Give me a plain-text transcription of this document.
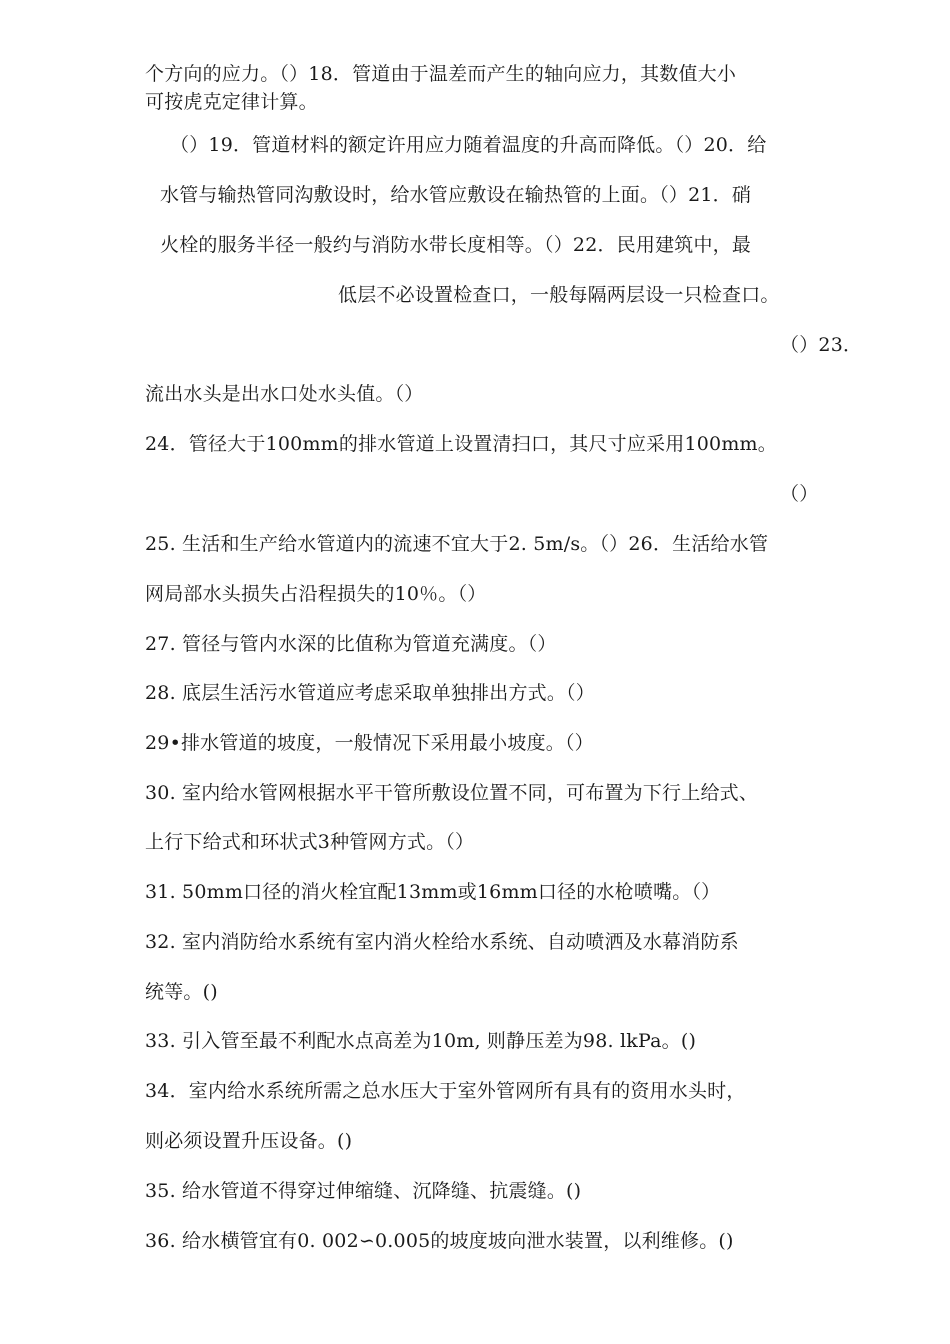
个方向的应力。（）18．管道由于温差而产生的轴向应力，其数值大小
可按虎克定律计算。
（）19．管道材料的额定许用应力随着温度的升高而降低。（）20．给
水管与输热管同沟敷设时，给水管应敷设在输热管的上面。（）21．硝
火栓的服务半径一般约与消防水带长度相等。（）22．民用建筑中，最
低层不必设置检查口，一般每隔两层设一只检查口。
（）23．
流出水头是出水口处水头值。（）
24．管径大于100mm的排水管道上设置清扫口，其尺寸应采用100mm。
（）
25. 生活和生产给水管道内的流速不宜大于2. 5m/s。（）26．生活给水管
网局部水头损失占沿程损失的10％。（）
27. 管径与管内水深的比值称为管道充满度。（）
28. 底层生活污水管道应考虑采取单独排出方式。（）
29•排水管道的坡度，一般情况下采用最小坡度。（）
30. 室内给水管网根据水平干管所敷设位置不同，可布置为下行上给式、
上行下给式和环状式3种管网方式。（）
31. 50mm口径的消火栓宜配13mm或16mm口径的水枪喷嘴。（）
32. 室内消防给水系统有室内消火栓给水系统、自动喷洒及水幕消防系
统等。()
33. 引入管至最不利配水点高差为10m, 则静压差为98. lkPa。()
34．室内给水系统所需之总水压大于室外管网所有具有的资用水头时，
则必须设置升压设备。()
35. 给水管道不得穿过伸缩缝、沉降缝、抗震缝。()
36. 给水横管宜有0. 002∽0.005的坡度坡向泄水装置，以利维修。()
